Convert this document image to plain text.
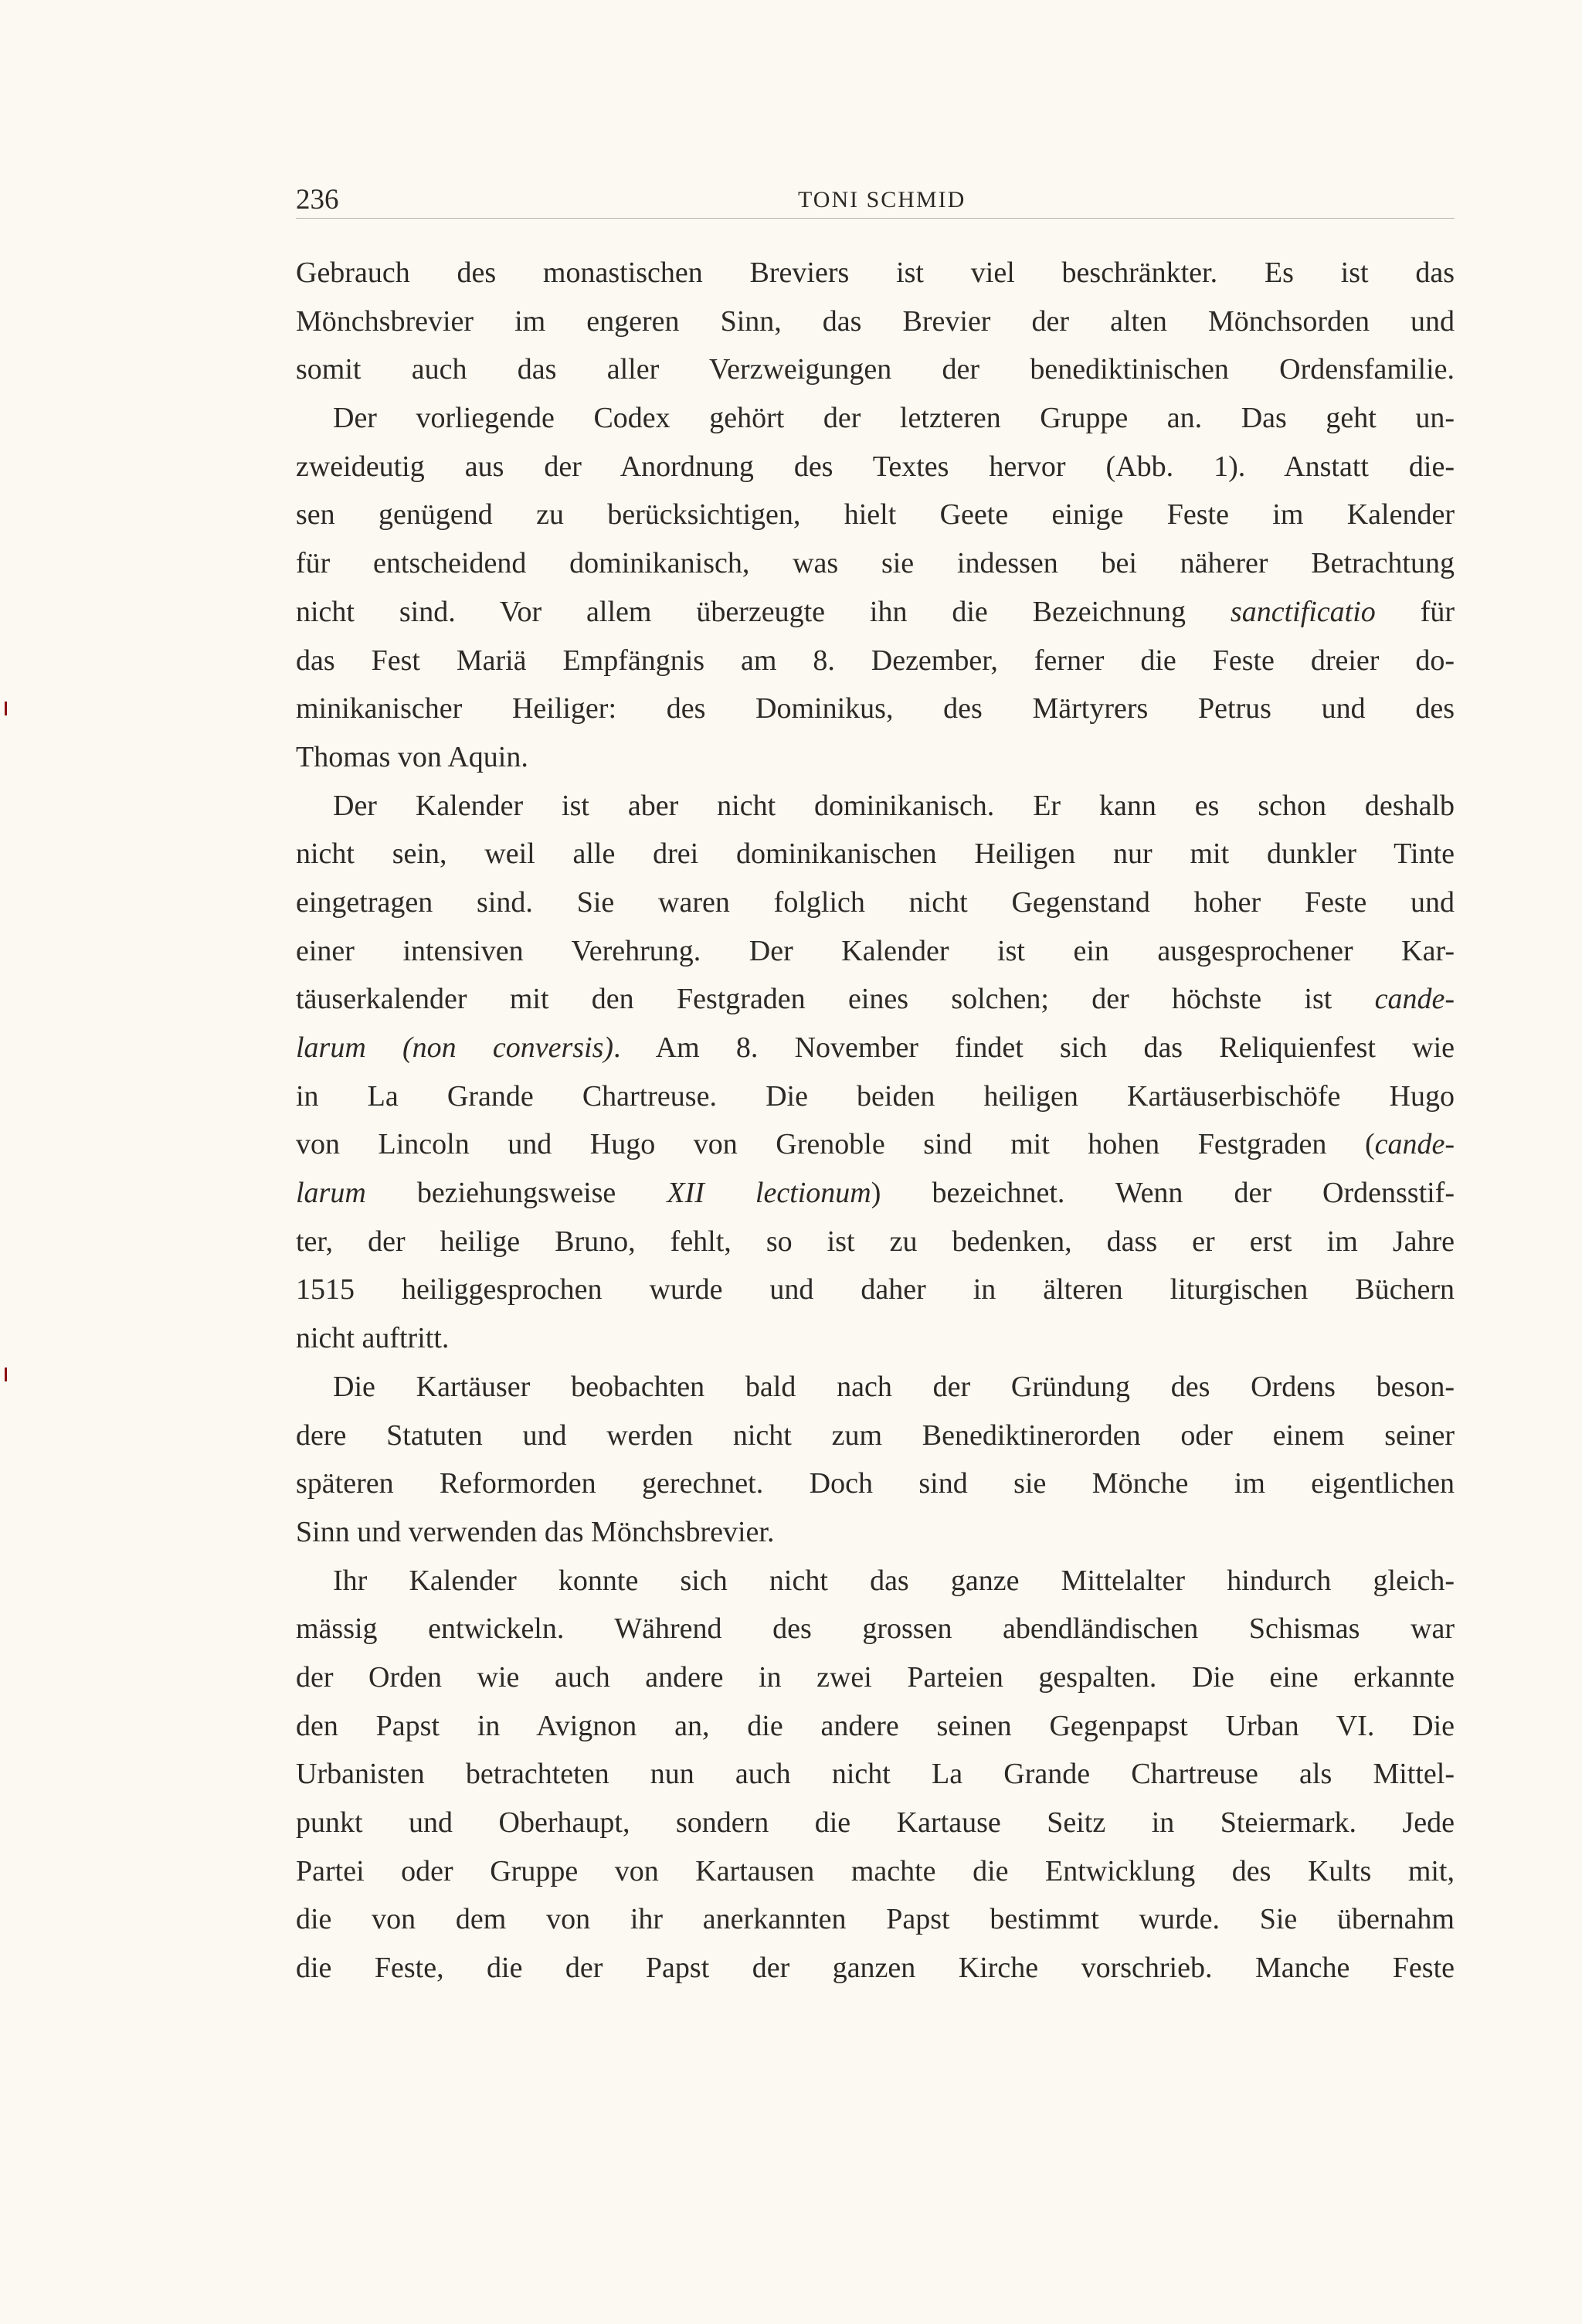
236	TONI SCHMID
Gebrauch des monastischen Breviers ist viel beschränkter. Es ist das
Mönchsbrevier im engeren Sinn, das Brevier der alten Mönchsorden und
somit auch das aller Verzweigungen der benediktinischen Ordensfamilie.
Der vorliegende Codex gehört der letzteren Gruppe an. Das geht un-
zweideutig aus der Anordnung des Textes hervor (Abb. 1). Anstatt die-
sen genügend zu berücksichtigen, hielt Geete einige Feste im Kalender
für entscheidend dominikanisch, was sie indessen bei näherer Betrachtung
nicht sind. Vor allem überzeugte ihn die Bezeichnung sanctificatio für
das Fest Mariä Empfängnis am 8. Dezember, ferner die Feste dreier do-
minikanischer Heiliger: des Dominikus, des Märtyrers Petrus und des
Thomas von Aquin.
Der Kalender ist aber nicht dominikanisch. Er kann es schon deshalb
nicht sein, weil alle drei dominikanischen Heiligen nur mit dunkler Tinte
eingetragen sind. Sie waren folglich nicht Gegenstand hoher Feste und
einer intensiven Verehrung. Der Kalender ist ein ausgesprochener Kar-
täuserkalender mit den Festgraden eines solchen; der höchste ist cande-
larum (non conversis). Am 8. November findet sich das Reliquienfest wie
in La Grande Chartreuse. Die beiden heiligen Kartäuserbischöfe Hugo
von Lincoln und Hugo von Grenoble sind mit hohen Festgraden (cande-
larum beziehungsweise XII lectionum) bezeichnet. Wenn der Ordensstif-
ter, der heilige Bruno, fehlt, so ist zu bedenken, dass er erst im Jahre
1515 heiliggesprochen wurde und daher in älteren liturgischen Büchern
nicht auftritt.
Die Kartäuser beobachten bald nach der Gründung des Ordens beson-
dere Statuten und werden nicht zum Benediktinerorden oder einem seiner
späteren Reformorden gerechnet. Doch sind sie Mönche im eigentlichen
Sinn und verwenden das Mönchsbrevier.
Ihr Kalender konnte sich nicht das ganze Mittelalter hindurch gleich-
mässig entwickeln. Während des grossen abendländischen Schismas war
der Orden wie auch andere in zwei Parteien gespalten. Die eine erkannte
den Papst in Avignon an, die andere seinen Gegenpapst Urban VI. Die
Urbanisten betrachteten nun auch nicht La Grande Chartreuse als Mittel-
punkt und Oberhaupt, sondern die Kartause Seitz in Steiermark. Jede
Partei oder Gruppe von Kartausen machte die Entwicklung des Kults mit,
die von dem von ihr anerkannten Papst bestimmt wurde. Sie übernahm
die Feste, die der Papst der ganzen Kirche vorschrieb. Manche Feste
